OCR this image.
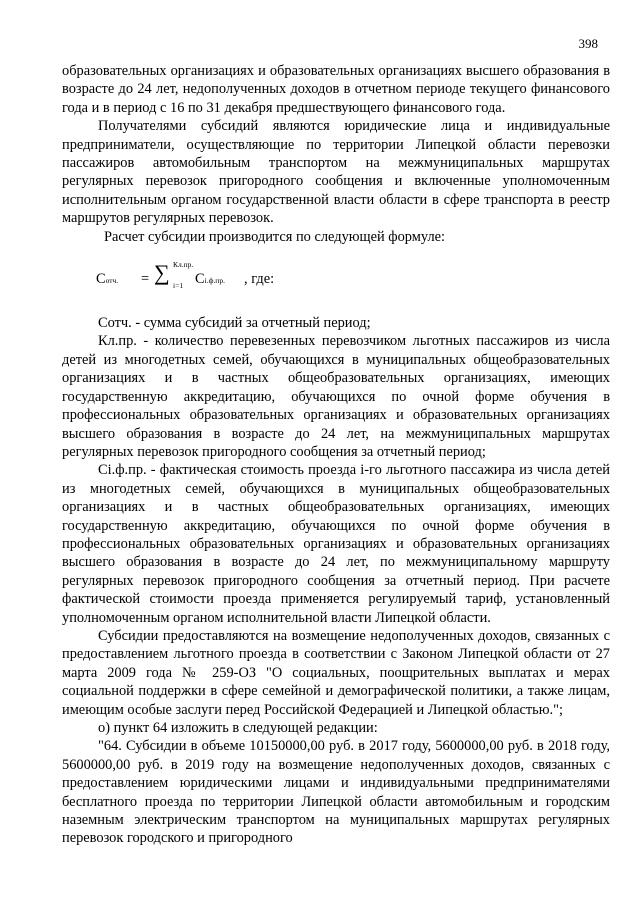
398

образовательных организациях и образовательных организациях высшего образования в возрасте до 24 лет, недополученных доходов в отчетном периоде текущего финансового года и в период с 16 по 31 декабря предшествующего финансового года.

Получателями субсидий являются юридические лица и индивидуальные предприниматели, осуществляющие по территории Липецкой области перевозки пассажиров автомобильным транспортом на межмуниципальных маршрутах регулярных перевозок пригородного сообщения и включенные уполномоченным исполнительным органом государственной власти области в сфере транспорта в реестр маршрутов регулярных перевозок.

Расчет субсидии производится по следующей формуле:

Сотч. = ∑ Кл.пр.
i=1 Сi.ф.пр. , где:

Сотч. - сумма субсидий за отчетный период;

Кл.пр. - количество перевезенных перевозчиком льготных пассажиров из числа детей из многодетных семей, обучающихся в муниципальных общеобразовательных организациях и в частных общеобразовательных организациях, имеющих государственную аккредитацию, обучающихся по очной форме обучения в профессиональных образовательных организациях и образовательных организациях высшего образования в возрасте до 24 лет, на межмуниципальных маршрутах регулярных перевозок пригородного сообщения за отчетный период;

Сi.ф.пр. - фактическая стоимость проезда i-го льготного пассажира из числа детей из многодетных семей, обучающихся в муниципальных общеобразовательных организациях и в частных общеобразовательных организациях, имеющих государственную аккредитацию, обучающихся по очной форме обучения в профессиональных образовательных организациях и образовательных организациях высшего образования в возрасте до 24 лет, по межмуниципальному маршруту регулярных перевозок пригородного сообщения за отчетный период. При расчете фактической стоимости проезда применяется регулируемый тариф, установленный уполномоченным органом исполнительной власти Липецкой области.

Субсидии предоставляются на возмещение недополученных доходов, связанных с предоставлением льготного проезда в соответствии с Законом Липецкой области от 27 марта 2009 года № 259-ОЗ "О социальных, поощрительных выплатах и мерах социальной поддержки в сфере семейной и демографической политики, а также лицам, имеющим особые заслуги перед Российской Федерацией и Липецкой областью.";

о) пункт 64 изложить в следующей редакции:

"64. Субсидии в объеме 10150000,00 руб. в 2017 году, 5600000,00 руб. в 2018 году, 5600000,00 руб. в 2019 году на возмещение недополученных доходов, связанных с предоставлением юридическими лицами и индивидуальными предпринимателями бесплатного проезда по территории Липецкой области автомобильным и городским наземным электрическим транспортом на муниципальных маршрутах регулярных перевозок городского и пригородного
